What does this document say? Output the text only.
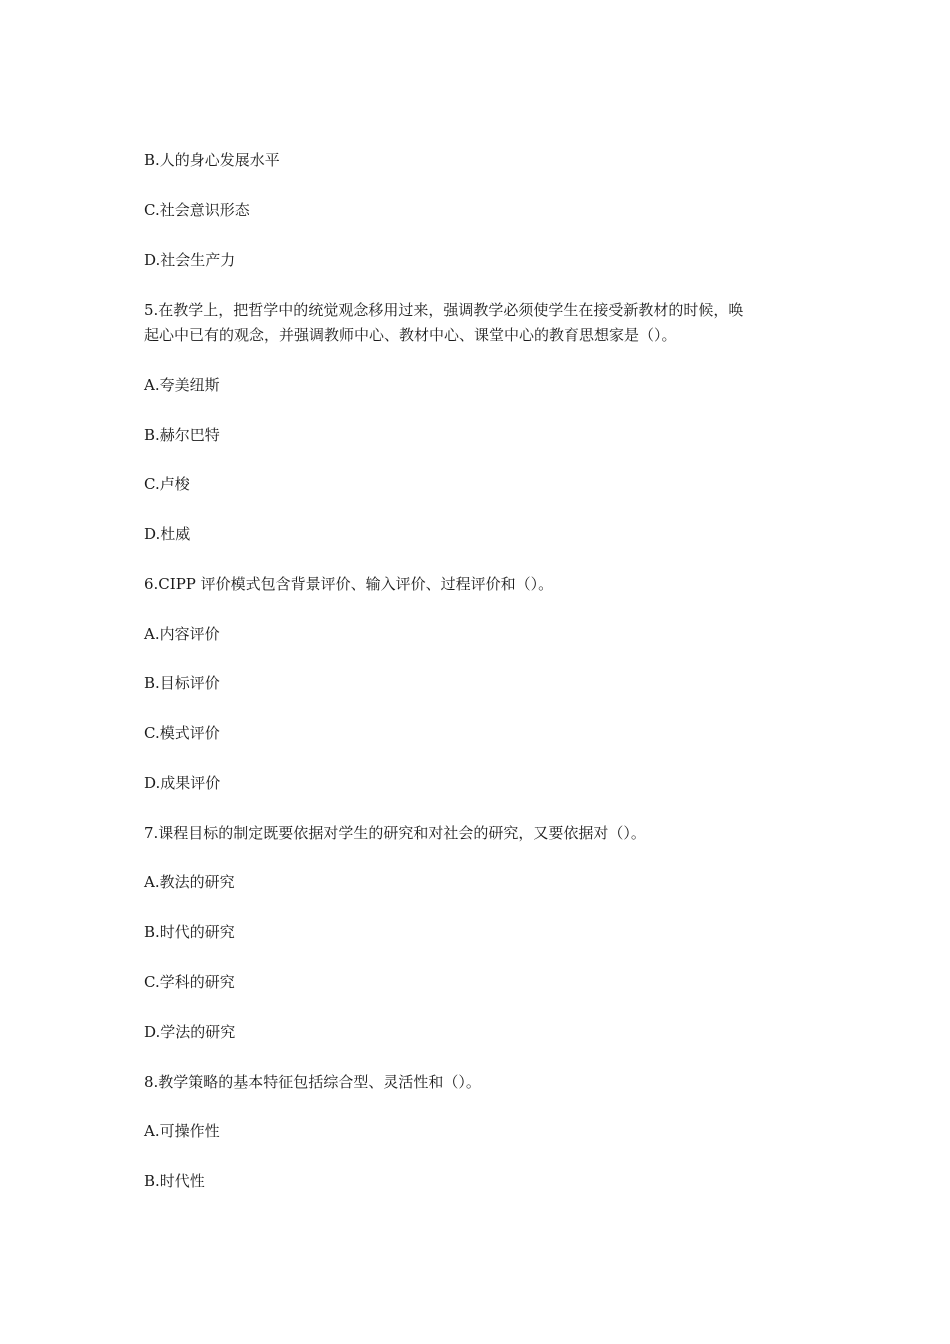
B.人的身心发展水平
C.社会意识形态
D.社会生产力
5.在教学上，把哲学中的统觉观念移用过来，强调教学必须使学生在接受新教材的时候，唤
起心中已有的观念，并强调教师中心、教材中心、课堂中心的教育思想家是（）。
A.夸美纽斯
B.赫尔巴特
C.卢梭
D.杜威
6.CIPP 评价模式包含背景评价、输入评价、过程评价和（）。
A.内容评价
B.目标评价
C.模式评价
D.成果评价
7.课程目标的制定既要依据对学生的研究和对社会的研究，又要依据对（）。
A.教法的研究
B.时代的研究
C.学科的研究
D.学法的研究
8.教学策略的基本特征包括综合型、灵活性和（）。
A.可操作性
B.时代性
